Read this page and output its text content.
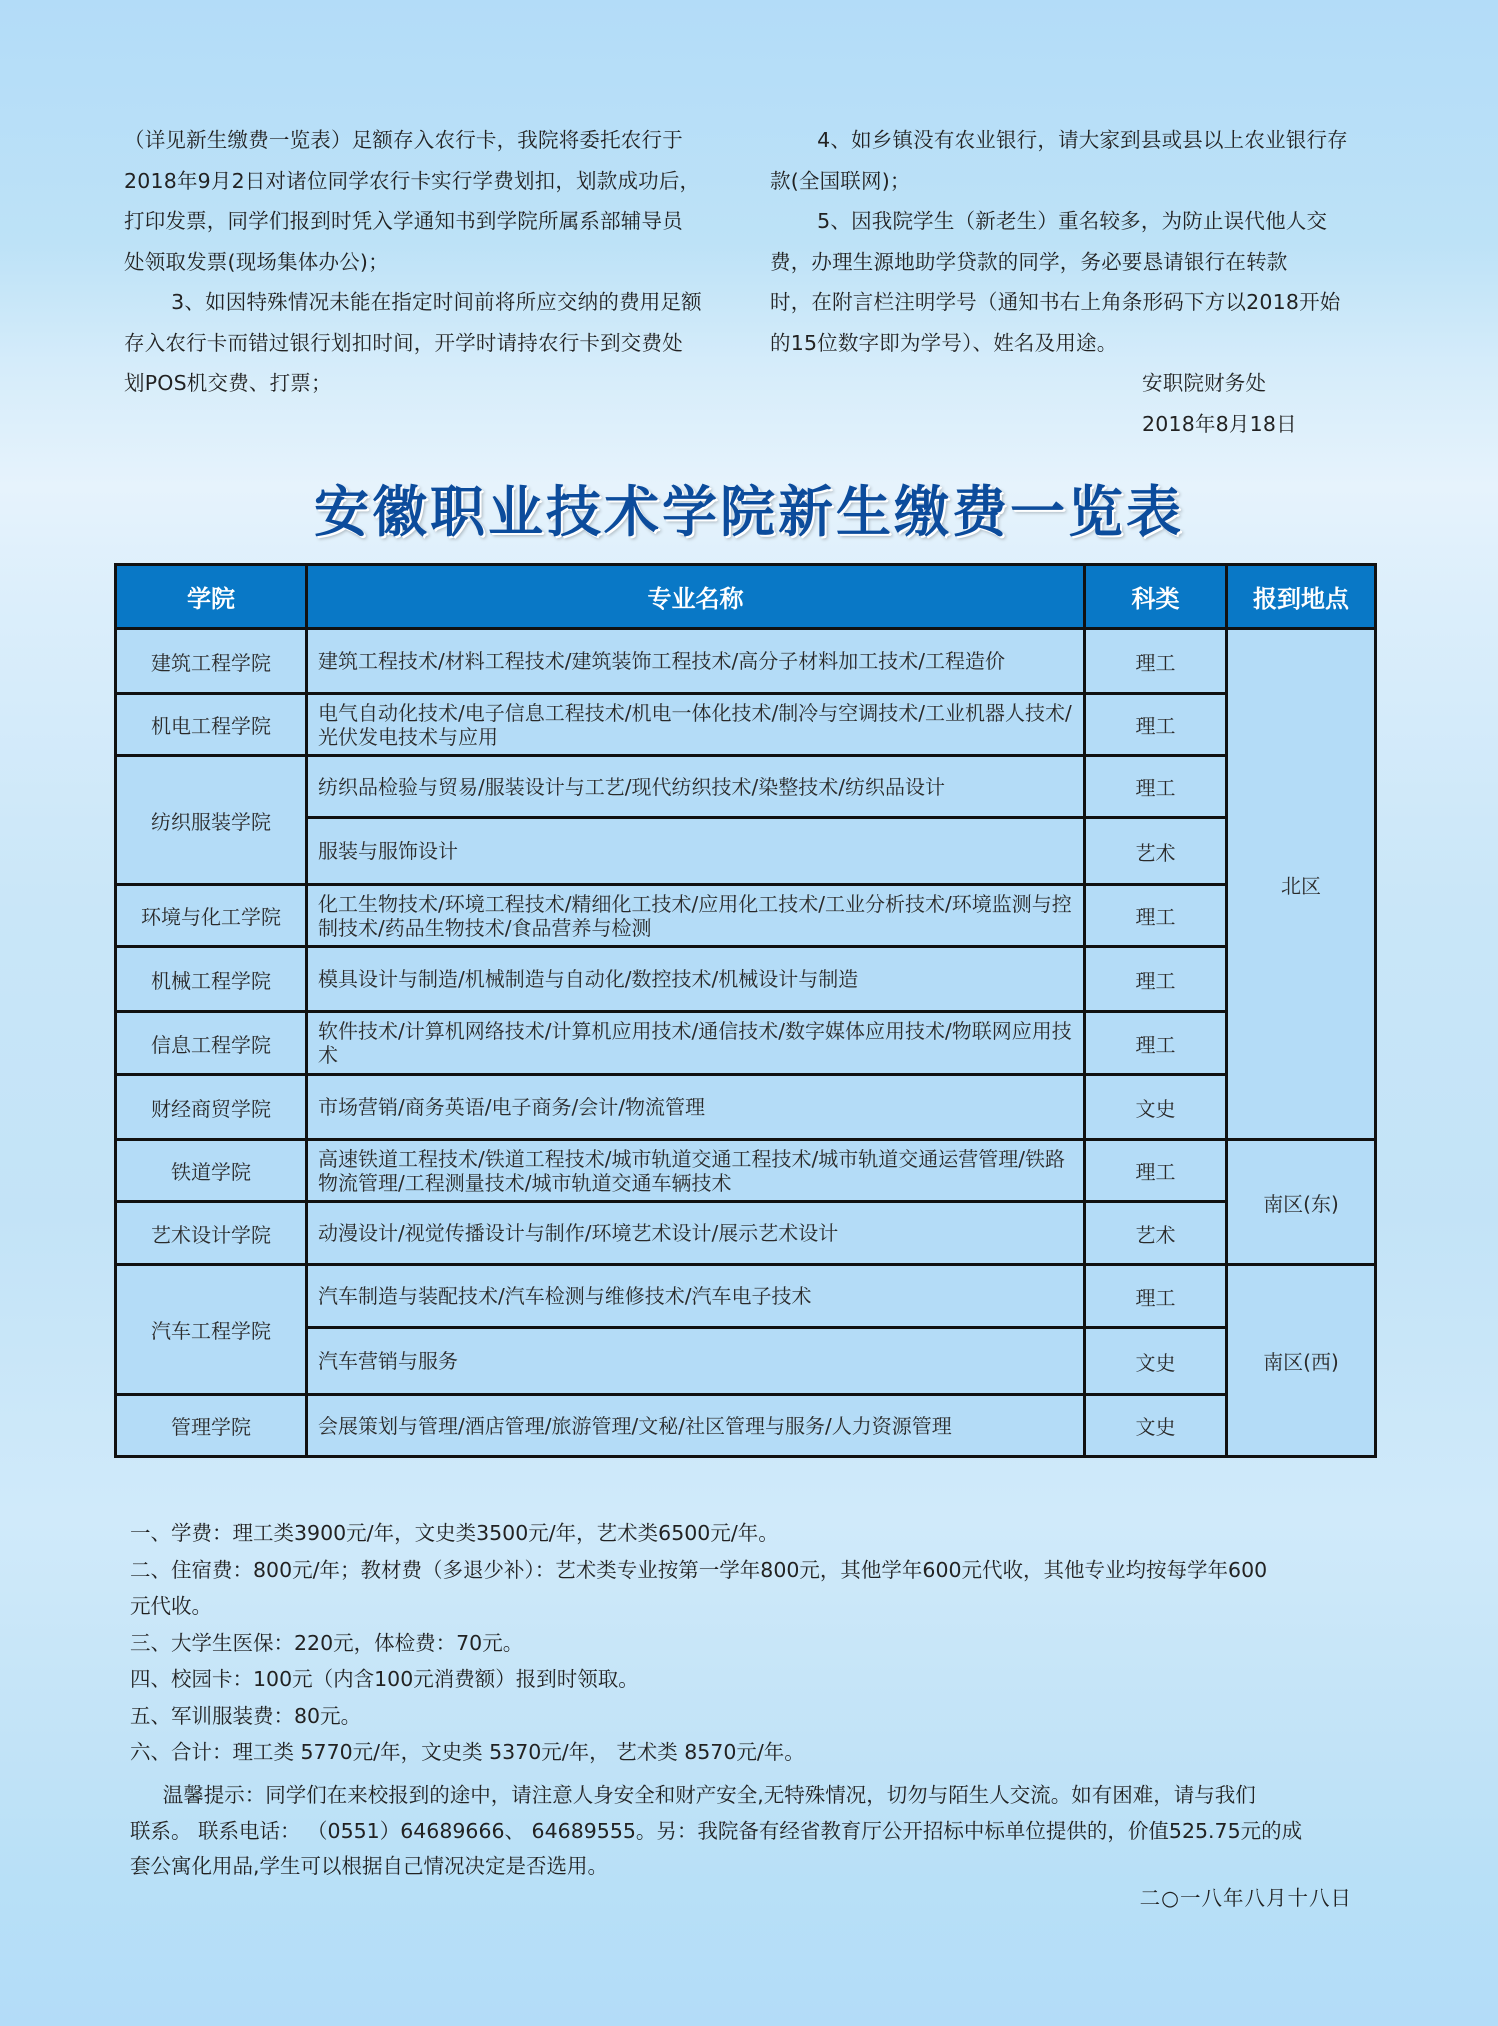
（详见新生缴费一览表）足额存入农行卡，我院将委托农行于

2018年9月2日对诸位同学农行卡实行学费划扣，划款成功后，

打印发票，同学们报到时凭入学通知书到学院所属系部辅导员

处领取发票(现场集体办公)；

3、如因特殊情况未能在指定时间前将所应交纳的费用足额

存入农行卡而错过银行划扣时间，开学时请持农行卡到交费处

划POS机交费、打票；

4、如乡镇没有农业银行，请大家到县或县以上农业银行存

款(全国联网)；

5、因我院学生（新老生）重名较多，为防止误代他人交

费，办理生源地助学贷款的同学，务必要恳请银行在转款

时，在附言栏注明学号（通知书右上角条形码下方以2018开始

的15位数字即为学号）、姓名及用途。

安职院财务处

2018年8月18日

安徽职业技术学院新生缴费一览表
学院	专业名称	科类	报到地点
建筑工程学院	建筑工程技术/材料工程技术/建筑装饰工程技术/高分子材料加工技术/工程造价	理工	北区
机电工程学院	电气自动化技术/电子信息工程技术/机电一体化技术/制冷与空调技术/工业机器人技术/光伏发电技术与应用	理工	
纺织服装学院	纺织品检验与贸易/服装设计与工艺/现代纺织技术/染整技术/纺织品设计	理工	
	服装与服饰设计	艺术	
环境与化工学院	化工生物技术/环境工程技术/精细化工技术/应用化工技术/工业分析技术/环境监测与控制技术/药品生物技术/食品营养与检测	理工	
机械工程学院	模具设计与制造/机械制造与自动化/数控技术/机械设计与制造	理工	
信息工程学院	软件技术/计算机网络技术/计算机应用技术/通信技术/数字媒体应用技术/物联网应用技术	理工	
财经商贸学院	市场营销/商务英语/电子商务/会计/物流管理	文史	
铁道学院	高速铁道工程技术/铁道工程技术/城市轨道交通工程技术/城市轨道交通运营管理/铁路物流管理/工程测量技术/城市轨道交通车辆技术	理工	南区(东)
艺术设计学院	动漫设计/视觉传播设计与制作/环境艺术设计/展示艺术设计	艺术	
汽车工程学院	汽车制造与装配技术/汽车检测与维修技术/汽车电子技术	理工	南区(西)
	汽车营销与服务	文史	
管理学院	会展策划与管理/酒店管理/旅游管理/文秘/社区管理与服务/人力资源管理	文史	

一、学费：理工类3900元/年，文史类3500元/年，艺术类6500元/年。

二、住宿费：800元/年；教材费（多退少补）：艺术类专业按第一学年800元，其他学年600元代收，其他专业均按每学年600

元代收。

三、大学生医保：220元，体检费：70元。

四、校园卡：100元（内含100元消费额）报到时领取。

五、军训服装费：80元。

六、合计：理工类 5770元/年，文史类 5370元/年， 艺术类 8570元/年。

温馨提示：同学们在来校报到的途中，请注意人身安全和财产安全,无特殊情况，切勿与陌生人交流。如有困难，请与我们

联系。 联系电话： （0551）64689666、 64689555。另：我院备有经省教育厅公开招标中标单位提供的，价值525.75元的成

套公寓化用品,学生可以根据自己情况决定是否选用。

二○一八年八月十八日
